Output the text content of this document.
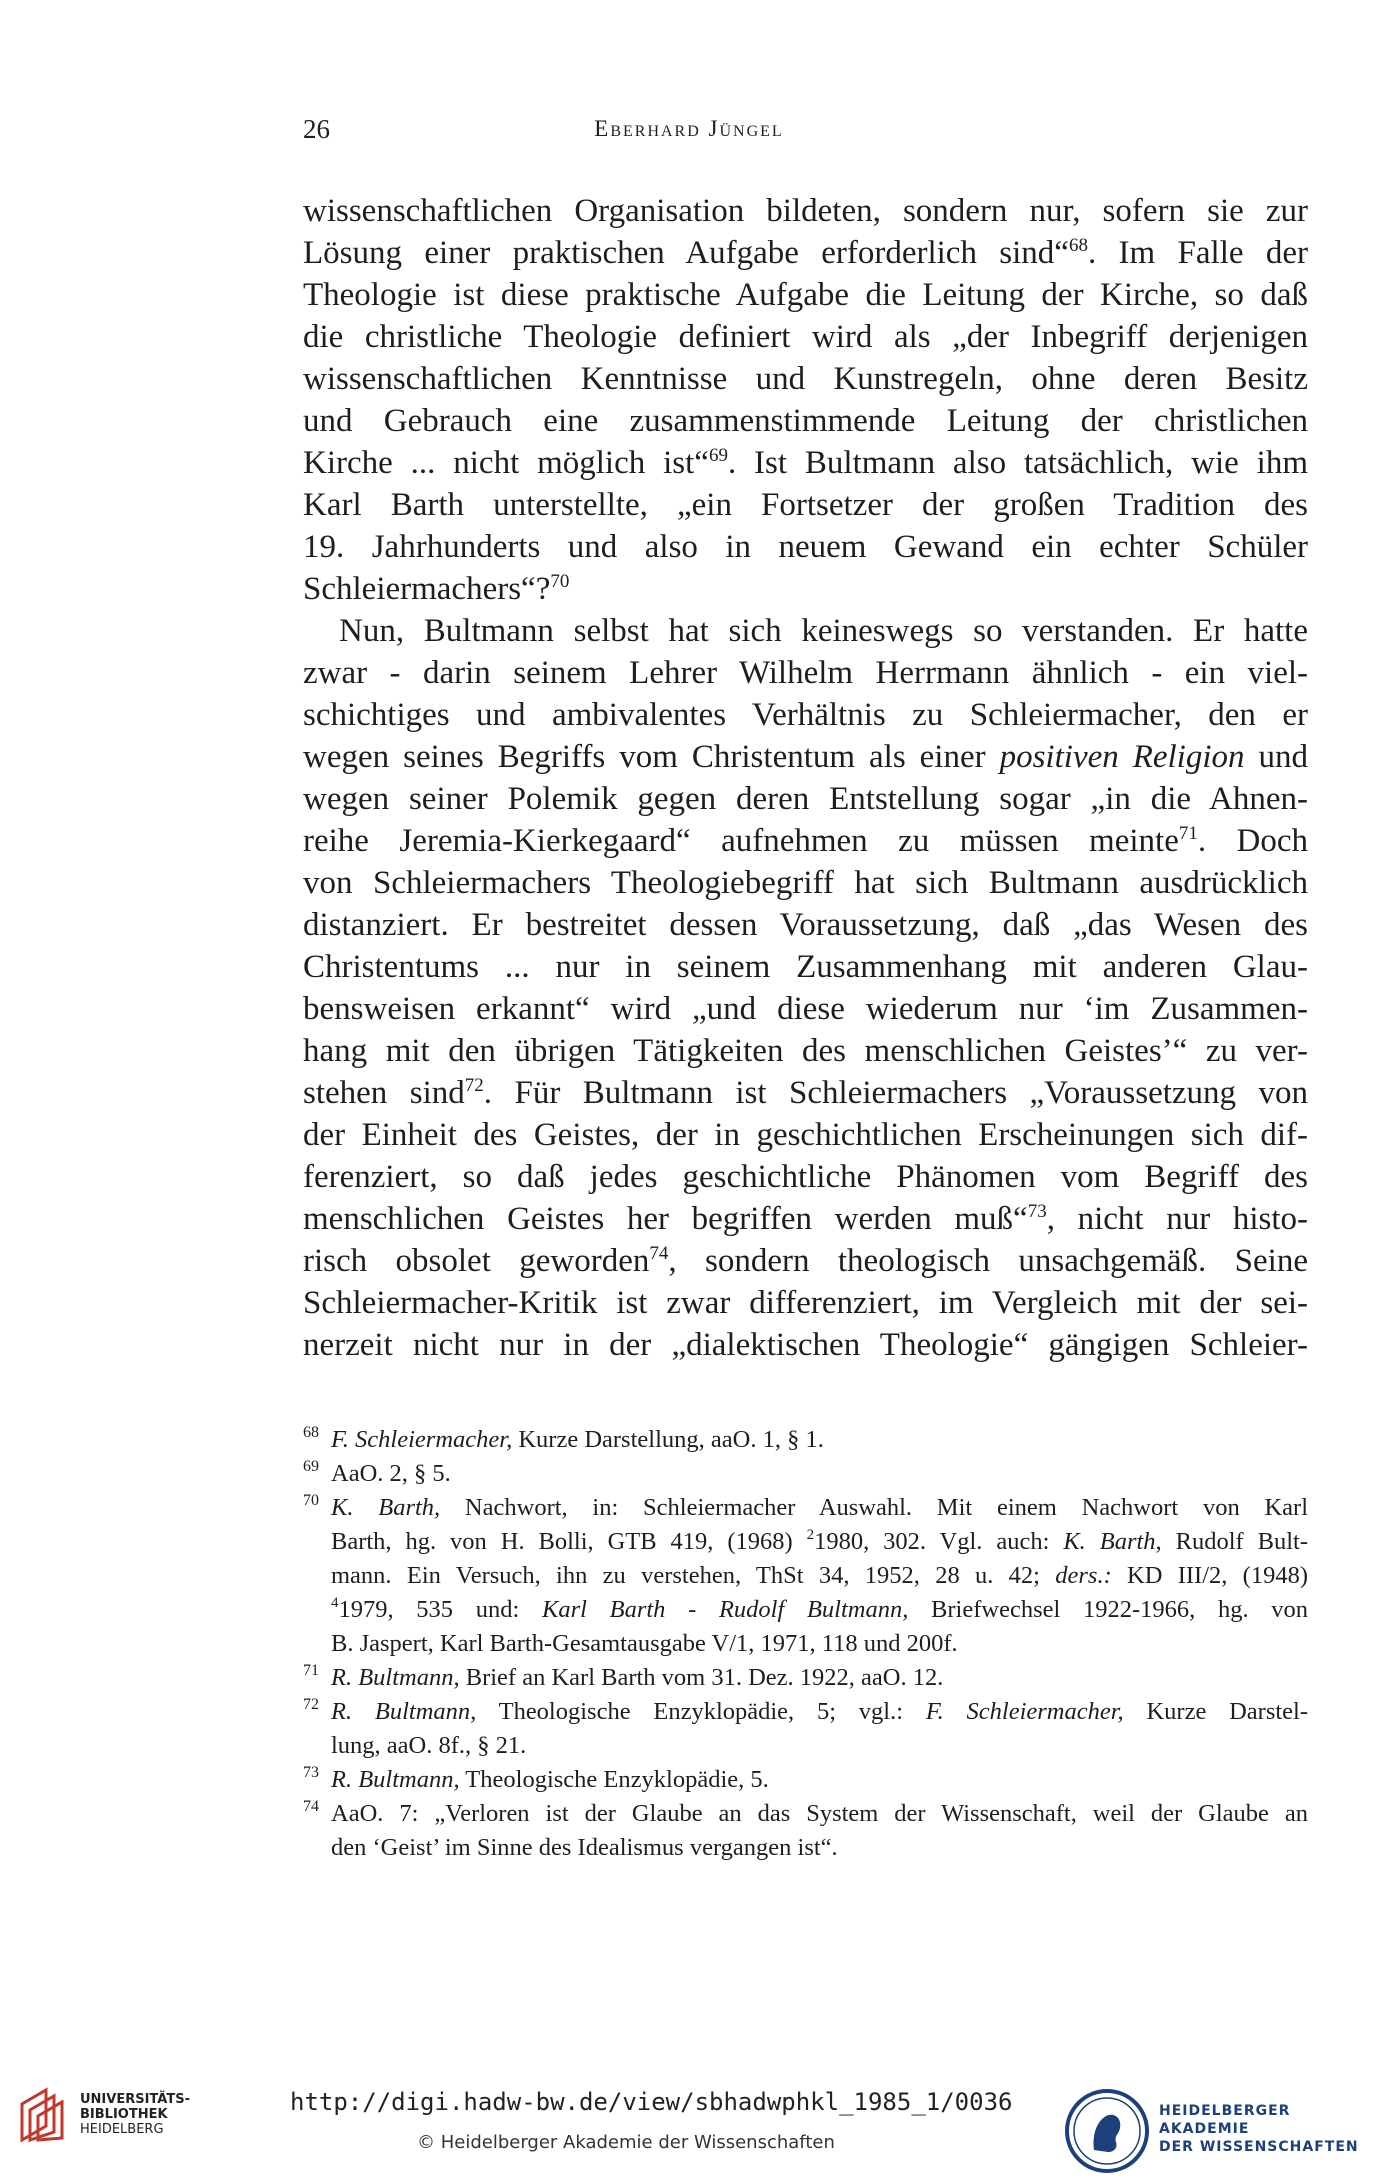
26	Eberhard Jüngel
wissenschaftlichen Organisation bildeten, sondern nur, sofern sie zur
Lösung einer praktischen Aufgabe erforderlich sind“$^{68}$. Im Falle der
Theologie ist diese praktische Aufgabe die Leitung der Kirche, so daß
die christliche Theologie definiert wird als „der Inbegriff derjenigen
wissenschaftlichen Kenntnisse und Kunstregeln, ohne deren Besitz
und Gebrauch eine zusammenstimmende Leitung der christlichen
Kirche ... nicht möglich ist“$^{69}$. Ist Bultmann also tatsächlich, wie ihm
Karl Barth unterstellte, „ein Fortsetzer der großen Tradition des
19. Jahrhunderts und also in neuem Gewand ein echter Schüler
Schleiermachers“?$^{70}$
Nun, Bultmann selbst hat sich keineswegs so verstanden. Er hatte
zwar - darin seinem Lehrer Wilhelm Herrmann ähnlich - ein viel-
schichtiges und ambivalentes Verhältnis zu Schleiermacher, den er
wegen seines Begriffs vom Christentum als einer positiven Religion und
wegen seiner Polemik gegen deren Entstellung sogar „in die Ahnen-
reihe Jeremia-Kierkegaard“ aufnehmen zu müssen meinte$^{71}$. Doch
von Schleiermachers Theologiebegriff hat sich Bultmann ausdrücklich
distanziert. Er bestreitet dessen Voraussetzung, daß „das Wesen des
Christentums ... nur in seinem Zusammenhang mit anderen Glau-
bensweisen erkannt“ wird „und diese wiederum nur ‘im Zusammen-
hang mit den übrigen Tätigkeiten des menschlichen Geistes’“ zu ver-
stehen sind$^{72}$. Für Bultmann ist Schleiermachers „Voraussetzung von
der Einheit des Geistes, der in geschichtlichen Erscheinungen sich dif-
ferenziert, so daß jedes geschichtliche Phänomen vom Begriff des
menschlichen Geistes her begriffen werden muß“$^{73}$, nicht nur histo-
risch obsolet geworden$^{74}$, sondern theologisch unsachgemäß. Seine
Schleiermacher-Kritik ist zwar differenziert, im Vergleich mit der sei-
nerzeit nicht nur in der „dialektischen Theologie“ gängigen Schleier-
68 F. Schleiermacher, Kurze Darstellung, aaO. 1, § 1.
69 AaO. 2, § 5.
70 K. Barth, Nachwort, in: Schleiermacher Auswahl. Mit einem Nachwort von Karl
Barth, hg. von H. Bolli, GTB 419, (1968) $^2$1980, 302. Vgl. auch: K. Barth, Rudolf Bult-
mann. Ein Versuch, ihn zu verstehen, ThSt 34, 1952, 28 u. 42; ders.: KD III/2, (1948)
$^4$1979, 535 und: Karl Barth - Rudolf Bultmann, Briefwechsel 1922-1966, hg. von
B. Jaspert, Karl Barth-Gesamtausgabe V/1, 1971, 118 und 200f.
71 R. Bultmann, Brief an Karl Barth vom 31. Dez. 1922, aaO. 12.
72 R. Bultmann, Theologische Enzyklopädie, 5; vgl.: F. Schleiermacher, Kurze Darstel-
lung, aaO. 8f., § 21.
73 R. Bultmann, Theologische Enzyklopädie, 5.
74 AaO. 7: „Verloren ist der Glaube an das System der Wissenschaft, weil der Glaube an
den ‘Geist’ im Sinne des Idealismus vergangen ist“.
UNIVERSITÄTS-
BIBLIOTHEK
HEIDELBERG
http://digi.hadw-bw.de/view/sbhadwphkl_1985_1/0036
© Heidelberger Akademie der Wissenschaften
HEIDELBERGER AKADEMIE
DER WISSENSCHAFTEN
